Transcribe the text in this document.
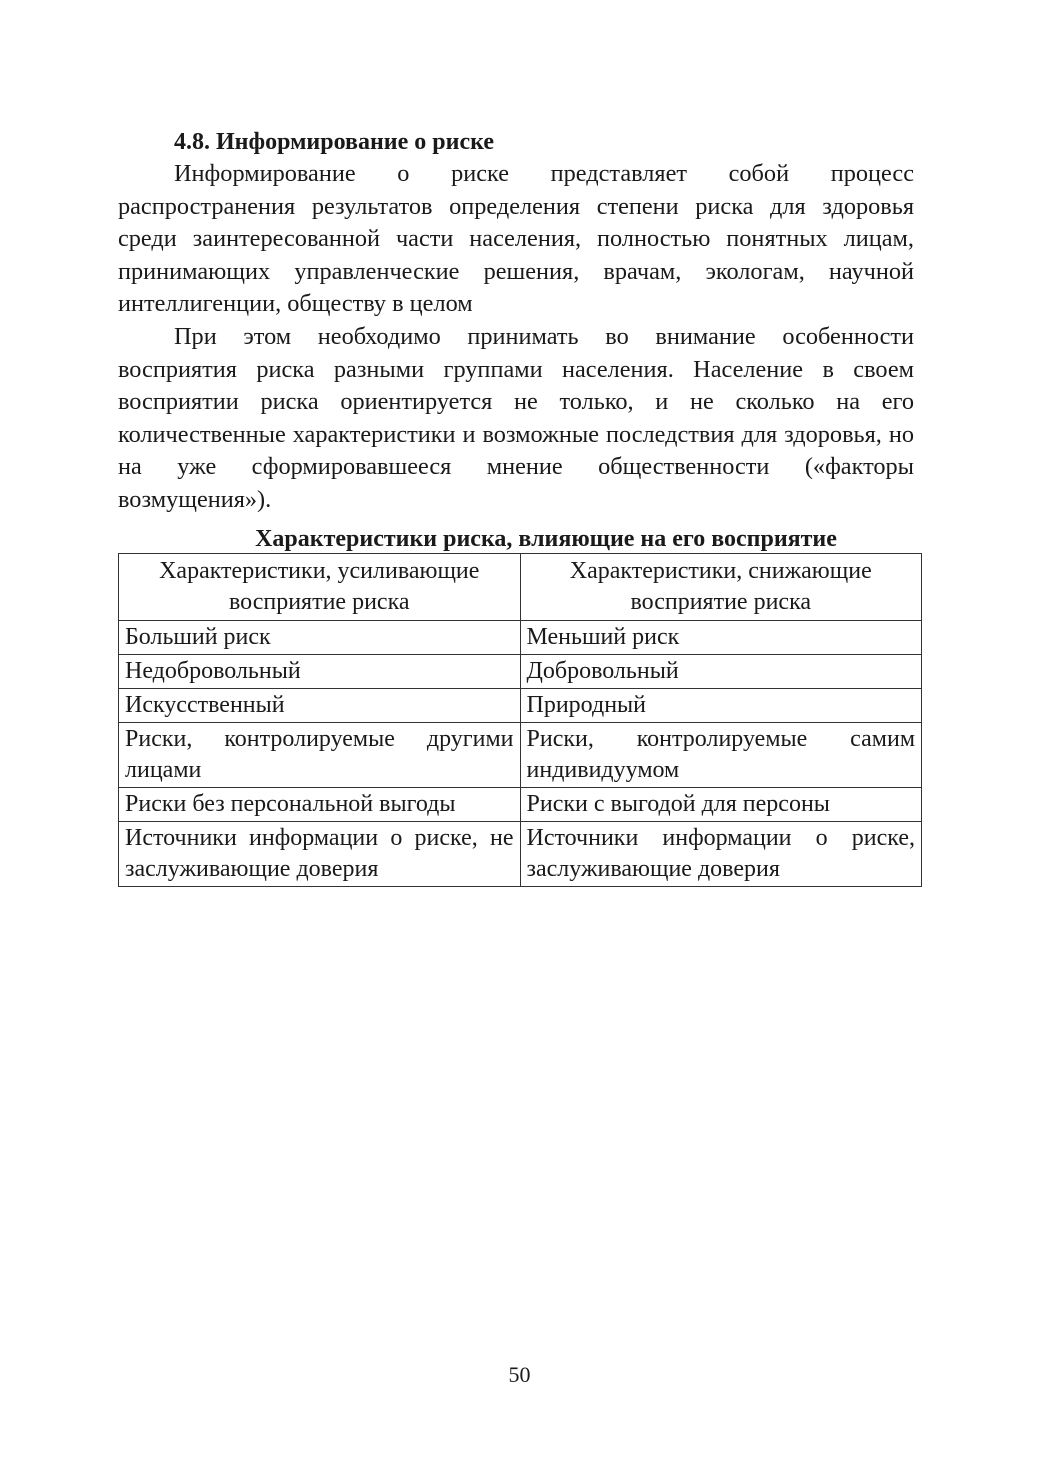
4.8. Информирование о риске

Информирование о риске представляет собой процесс распространения результатов определения степени риска для здоровья среди заинтересованной части населения, полностью понятных лицам, принимающих управленческие решения, врачам, экологам, научной интеллигенции, обществу в целом

При этом необходимо принимать во внимание особенности восприятия риска разными группами населения. Население в своем восприятии риска ориентируется не только, и не сколько на его количественные характеристики и возможные последствия для здоровья, но на уже сформировавшееся мнение общественности («факторы возмущения»).

Характеристики риска, влияющие на его восприятие

Характеристики, усиливающие восприятие риска	Характеристики, снижающие восприятие риска
Больший риск	Меньший риск
Недобровольный	Добровольный
Искусственный	Природный
Риски, контролируемые другими лицами	Риски, контролируемые самим индивидуумом
Риски без персональной выгоды	Риски с выгодой для персоны
Источники информации о риске, не заслуживающие доверия	Источники информации о риске, заслуживающие доверия
50
